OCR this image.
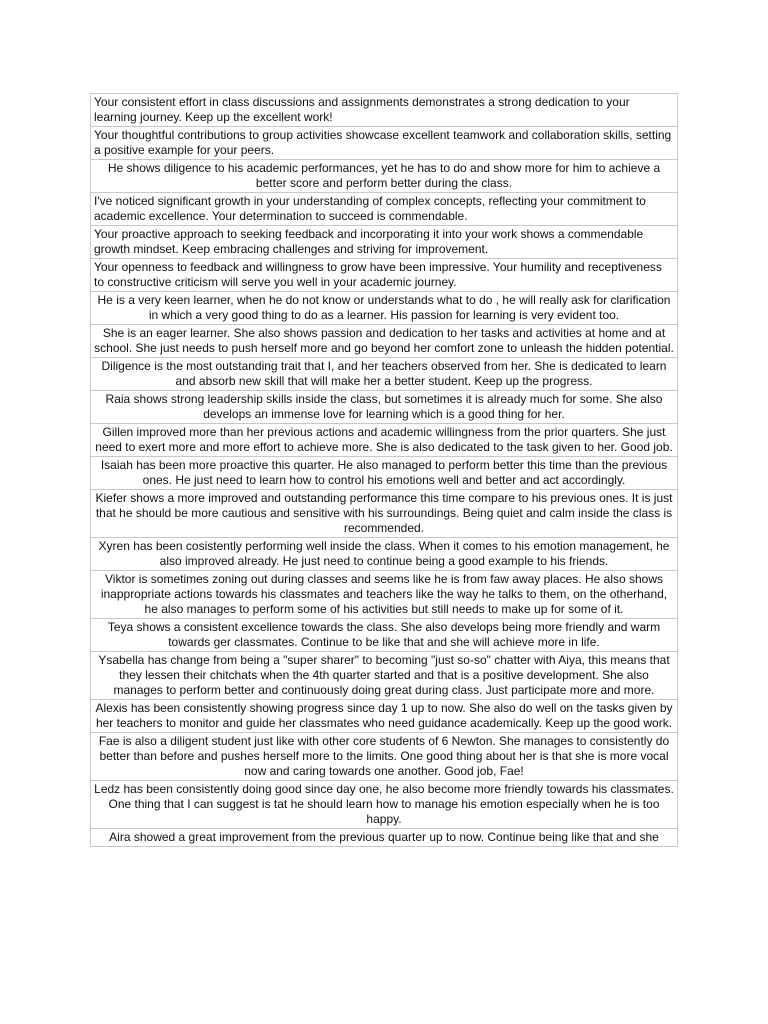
Your consistent effort in class discussions and assignments demonstrates a strong dedication to your learning journey. Keep up the excellent work!
Your thoughtful contributions to group activities showcase excellent teamwork and collaboration skills, setting a positive example for your peers.
He shows diligence to his academic performances, yet he has to do and show more for him to achieve a better score and perform better during the class.
I've noticed significant growth in your understanding of complex concepts, reflecting your commitment to academic excellence. Your determination to succeed is commendable.
Your proactive approach to seeking feedback and incorporating it into your work shows a commendable growth mindset. Keep embracing challenges and striving for improvement.
Your openness to feedback and willingness to grow have been impressive. Your humility and receptiveness to constructive criticism will serve you well in your academic journey.
He is a very keen learner, when he do not know or understands what to do , he will really ask for clarification in which a very good thing to do as a learner. His passion for learning is very evident too.
She is an eager learner. She also shows passion and dedication to her tasks and activities at home and at school. She just needs to push herself more and go beyond her comfort zone to unleash the hidden potential.
Diligence is the most outstanding trait that I, and her teachers observed from her. She is dedicated to learn and absorb new skill that will make her a better student. Keep up the progress.
Raia shows strong leadership skills inside the class, but sometimes it is already much for some. She also develops an immense love for learning which is a good thing for her.
Gillen improved more than her previous actions and academic willingness from the prior quarters. She just need to exert more and more effort to achieve more. She is also dedicated to the task given to her. Good job.
Isaiah has been more proactive this quarter. He also managed to perform better this time than the previous ones. He just need to learn how to control his emotions well and better and act accordingly.
Kiefer shows a more improved and outstanding performance this time compare to his previous ones. It is just that he should be more cautious and sensitive with his surroundings. Being quiet and calm inside the class is recommended.
Xyren has been cosistently performing well inside the class. When it comes to his emotion management, he also improved already. He just need to continue being a good example to his friends.
Viktor is sometimes zoning out during classes and seems like he is from faw away places. He also shows inappropriate actions towards his classmates and teachers like the way he talks to them, on the otherhand, he also manages to perform some of his activities but still needs to make up for some of it.
Teya shows a consistent excellence towards the class. She also develops being more friendly and warm towards ger classmates. Continue to be like that and she will achieve more in life.
Ysabella has change from being a "super sharer" to becoming "just so-so" chatter with Aiya, this means that they lessen their chitchats when the 4th quarter started and that is a positive development. She also manages to perform better and continuously doing great during class. Just participate more and more.
Alexis has been consistently showing progress since day 1 up to now. She also do well on the tasks given by her teachers to monitor and guide her classmates who need guidance academically. Keep up the good work.
Fae is also a diligent student just like with other core students of 6 Newton. She manages to consistently do better than before and pushes herself more to the limits. One good thing about her is that she is more vocal now and caring towards one another. Good job, Fae!
Ledz has been consistently doing good since day one, he also become more friendly towards his classmates. One thing that I can suggest is tat he should learn how to manage his emotion especially when he is too happy.
Aira showed a great improvement from the previous quarter up to now. Continue being like that and she
